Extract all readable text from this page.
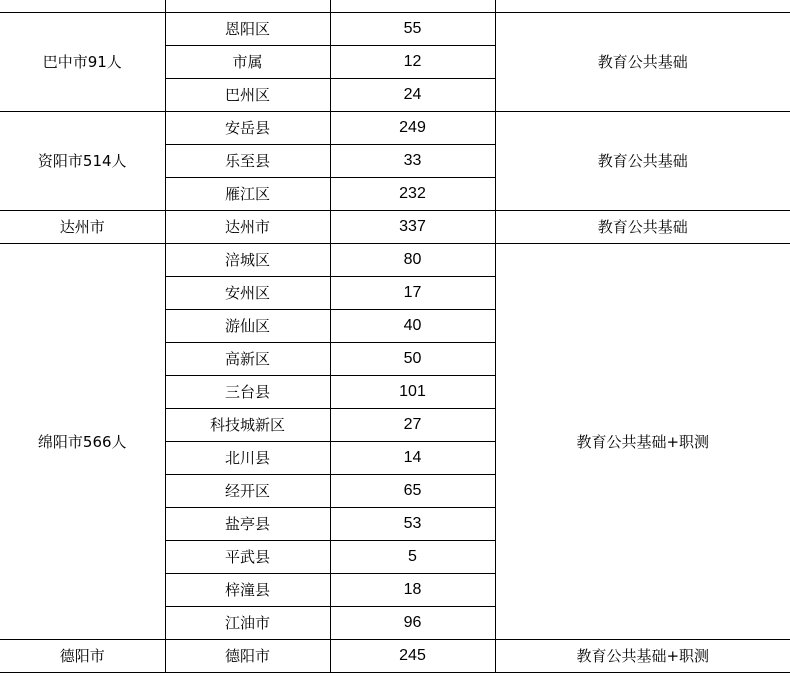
巴中市91人	恩阳区	55	教育公共基础
	市属	12	
	巴州区	24	
资阳市514人	安岳县	249	教育公共基础
	乐至县	33	
	雁江区	232	
达州市	达州市	337	教育公共基础
绵阳市566人	涪城区	80	教育公共基础+职测
	安州区	17	
	游仙区	40	
	高新区	50	
	三台县	101	
	科技城新区	27	
	北川县	14	
	经开区	65	
	盐亭县	53	
	平武县	5	
	梓潼县	18	
	江油市	96	
德阳市	德阳市	245	教育公共基础+职测
